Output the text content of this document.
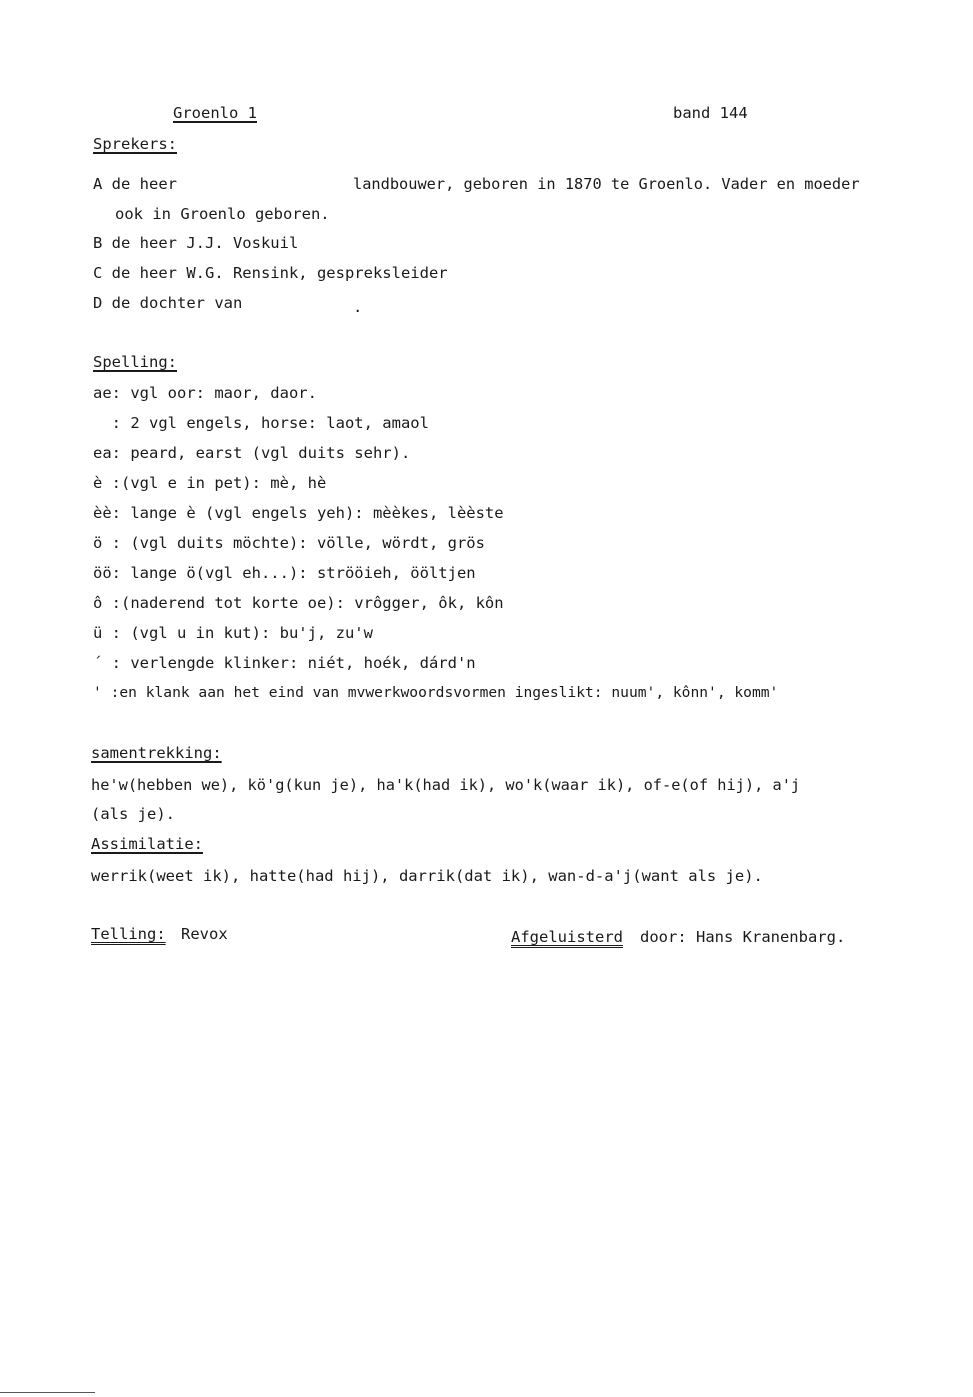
Groenlo 1	band 144
Sprekers:
A de heer	landbouwer, geboren in 1870 te Groenlo. Vader en moeder
ook in Groenlo geboren.
B de heer J.J. Voskuil
C de heer W.G. Rensink, gespreksleider
D de dochter van	.
Spelling:
ae: vgl oor: maor, daor.
: 2 vgl engels, horse: laot, amaol
ea: peard, earst (vgl duits sehr).
è :(vgl e in pet): mè, hè
èè: lange è (vgl engels yeh): mèèkes, lèèste
ö : (vgl duits möchte): völle, wördt, grös
öö: lange ö(vgl eh...): strööieh, ööltjen
ô :(naderend tot korte oe): vrôgger, ôk, kôn
ü : (vgl u in kut): bu'j, zu'w
´ : verlengde klinker: niét, hoék, dárd'n
' :en klank aan het eind van mvwerkwoordsvormen ingeslikt: nuum', kônn', komm'
samentrekking:
he'w(hebben we), kö'g(kun je), ha'k(had ik), wo'k(waar ik), of-e(of hij), a'j
(als je).
Assimilatie:
werrik(weet ik), hatte(had hij), darrik(dat ik), wan-d-a'j(want als je).
Telling: Revox	Afgeluisterd door: Hans Kranenbarg.
